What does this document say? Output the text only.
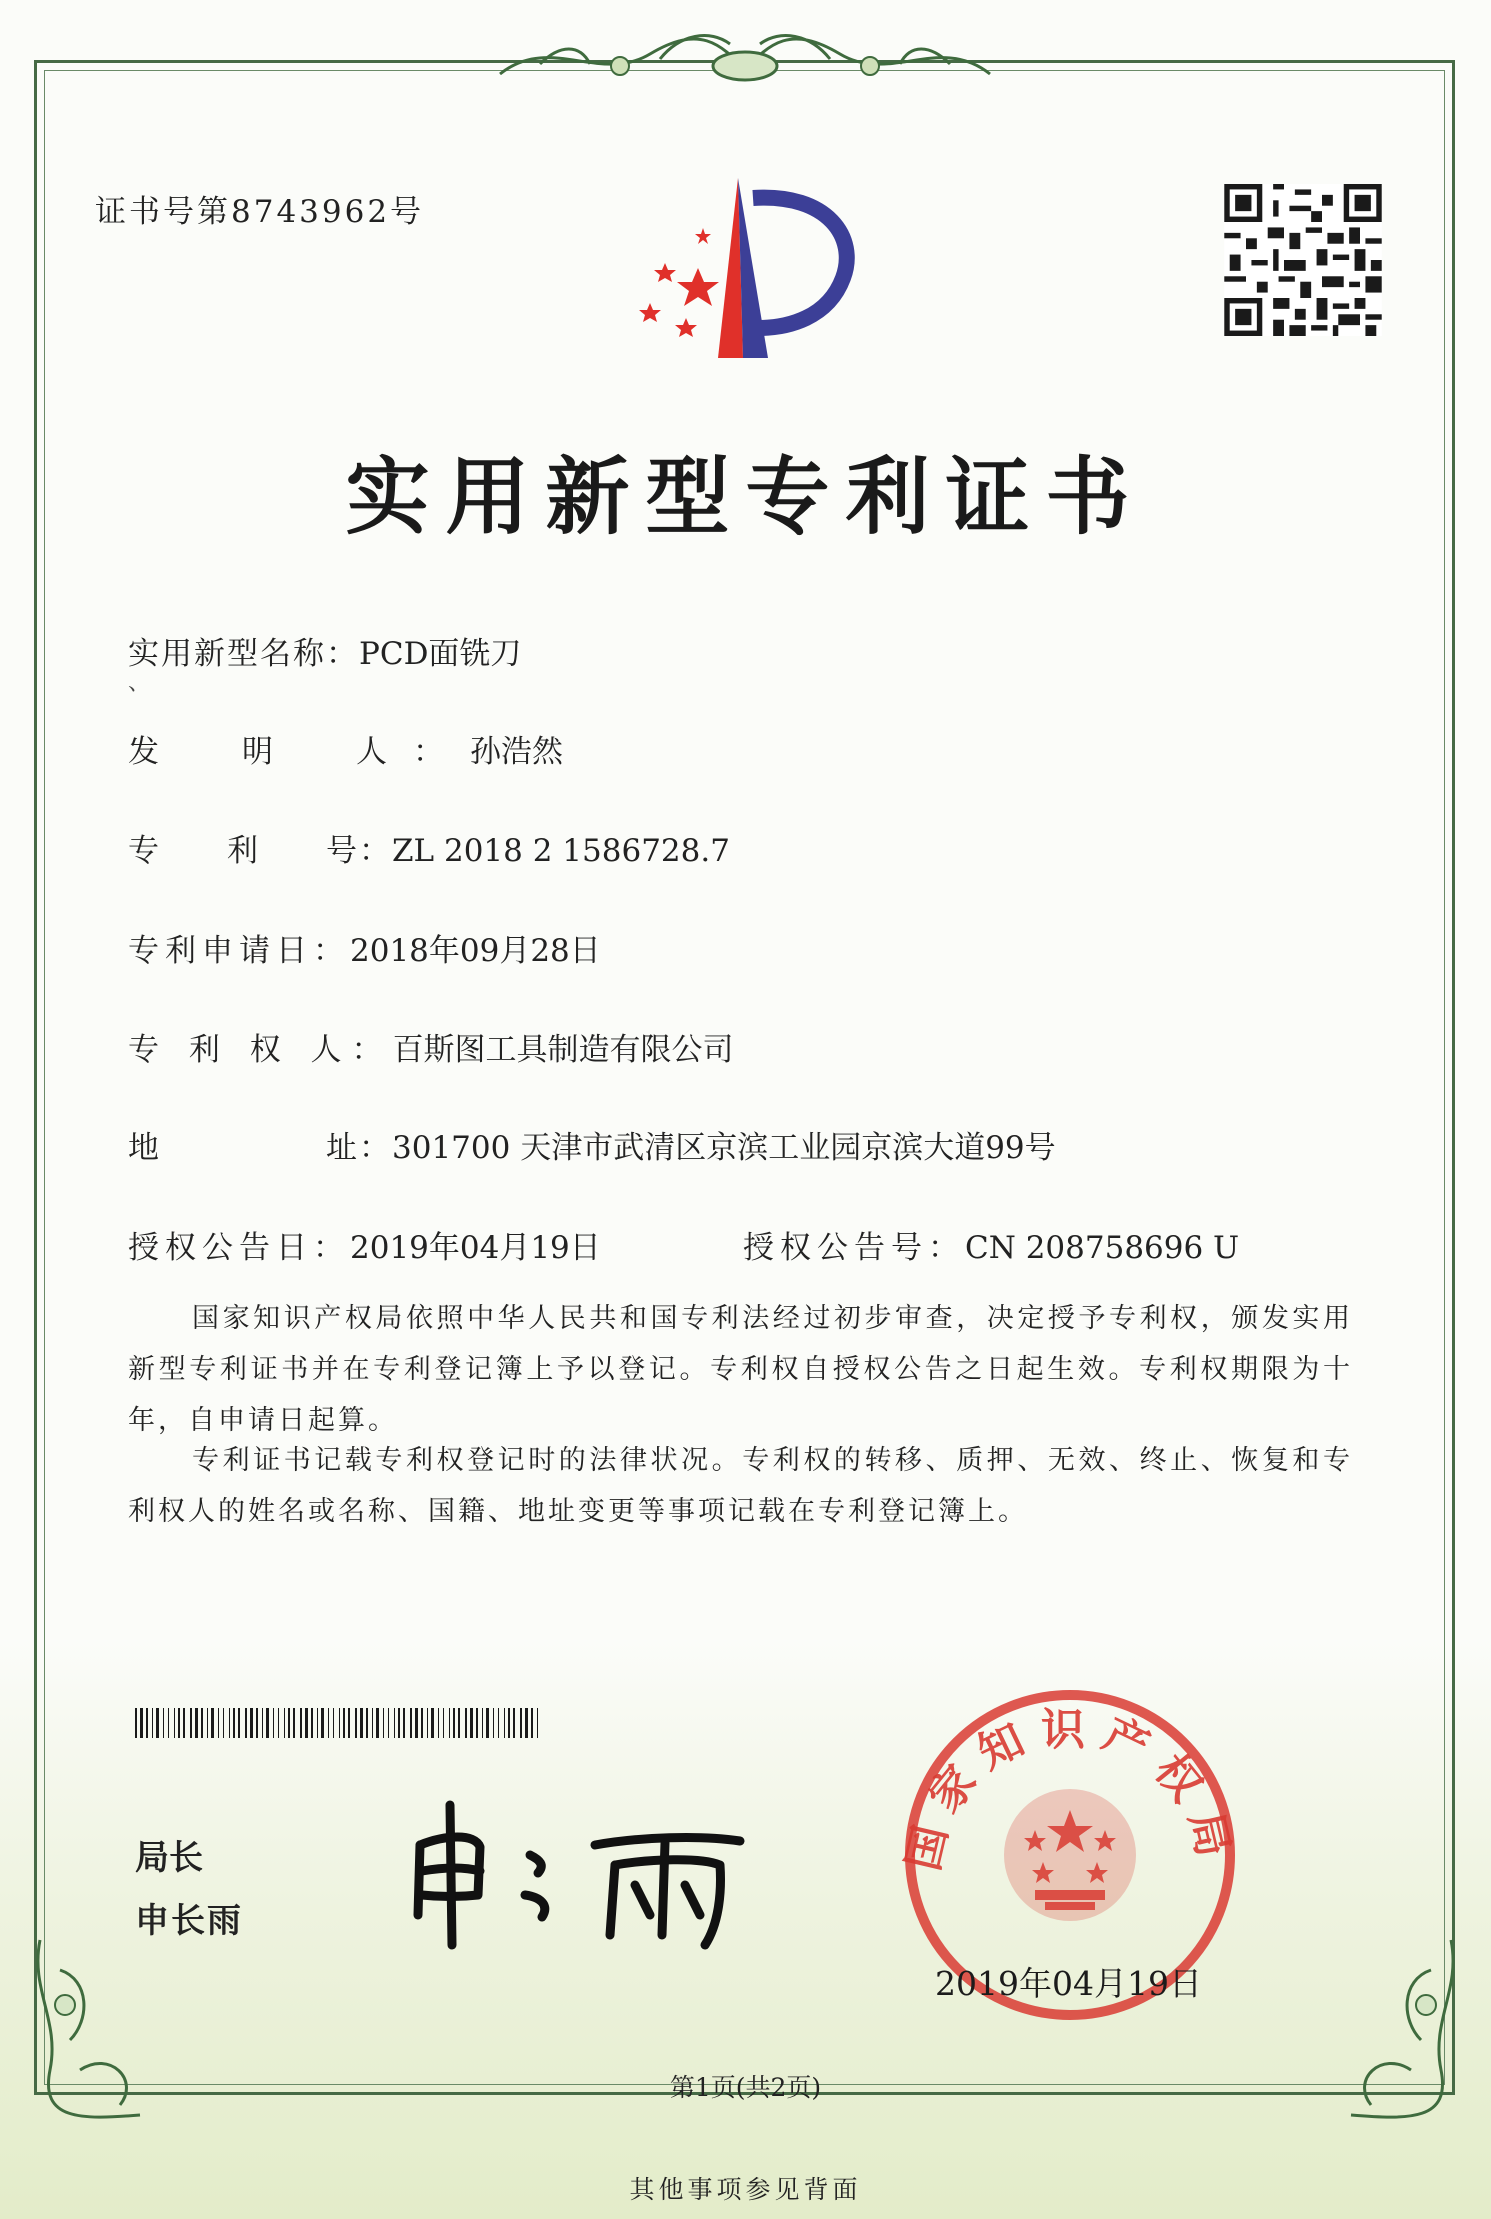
证书号第8743962号
实用新型专利证书
实用新型名称：PCD面铣刀
、
发　明　人：孙浩然
专　　利　　号：ZL 2018 2 1586728.7
专利申请日：2018年09月28日
专 利 权 人：百斯图工具制造有限公司
地　　　　　址：301700 天津市武清区京滨工业园京滨大道99号
授权公告日：2019年04月19日	授权公告号：CN 208758696 U
国家知识产权局依照中华人民共和国专利法经过初步审查，决定授予专利权，颁发实用新型专利证书并在专利登记簿上予以登记。专利权自授权公告之日起生效。专利权期限为十年，自申请日起算。
专利证书记载专利权登记时的法律状况。专利权的转移、质押、无效、终止、恢复和专利权人的姓名或名称、国籍、地址变更等事项记载在专利登记簿上。
局长
申长雨
国家知识产权局
2019年04月19日
第1页(共2页)
其他事项参见背面
